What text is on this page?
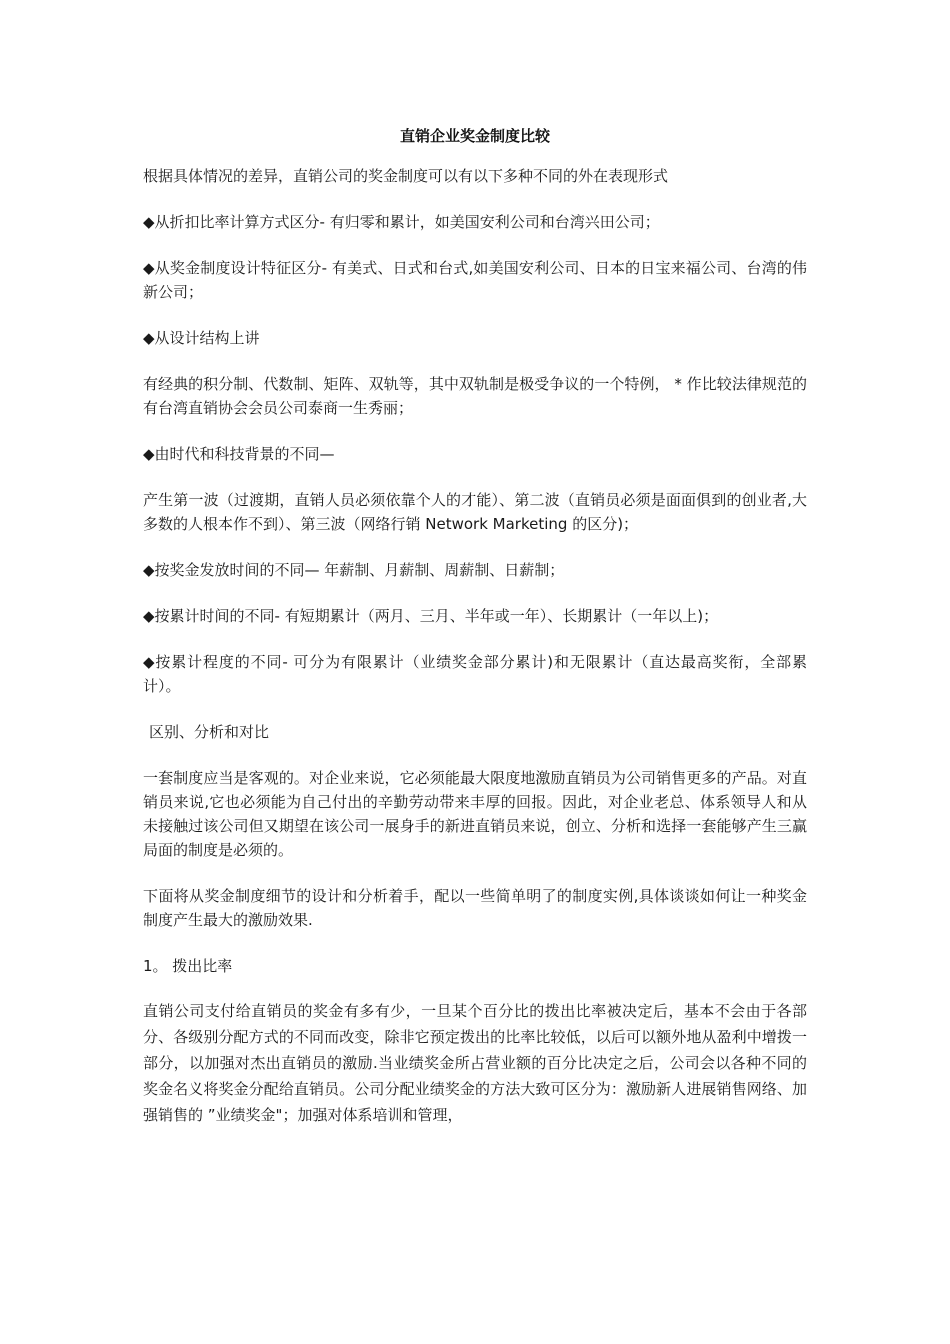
直销企业奖金制度比较

根据具体情况的差异，直销公司的奖金制度可以有以下多种不同的外在表现形式

◆从折扣比率计算方式区分- 有归零和累计，如美国安利公司和台湾兴田公司；

◆从奖金制度设计特征区分- 有美式、日式和台式,如美国安利公司、日本的日宝来福公司、台湾的伟新公司；

◆从设计结构上讲

有经典的积分制、代数制、矩阵、双轨等，其中双轨制是极受争议的一个特例， * 作比较法律规范的有台湾直销协会会员公司泰商一生秀丽；

◆由时代和科技背景的不同—

产生第一波（过渡期，直销人员必须依靠个人的才能）、第二波（直销员必须是面面俱到的创业者,大多数的人根本作不到）、第三波（网络行销 Network Marketing 的区分)；

◆按奖金发放时间的不同— 年薪制、月薪制、周薪制、日薪制；

◆按累计时间的不同- 有短期累计（两月、三月、半年或一年）、长期累计（一年以上)；

◆按累计程度的不同- 可分为有限累计（业绩奖金部分累计)和无限累计（直达最高奖衔，全部累计）。

区别、分析和对比

一套制度应当是客观的。对企业来说，它必须能最大限度地激励直销员为公司销售更多的产品。对直销员来说,它也必须能为自己付出的辛勤劳动带来丰厚的回报。因此，对企业老总、体系领导人和从未接触过该公司但又期望在该公司一展身手的新进直销员来说，创立、分析和选择一套能够产生三赢局面的制度是必须的。

下面将从奖金制度细节的设计和分析着手，配以一些简单明了的制度实例,具体谈谈如何让一种奖金制度产生最大的激励效果.

1。 拨出比率

直销公司支付给直销员的奖金有多有少，一旦某个百分比的拨出比率被决定后，基本不会由于各部分、各级别分配方式的不同而改变，除非它预定拨出的比率比较低，以后可以额外地从盈利中增拨一部分，以加强对杰出直销员的激励.当业绩奖金所占营业额的百分比决定之后，公司会以各种不同的奖金名义将奖金分配给直销员。公司分配业绩奖金的方法大致可区分为：激励新人进展销售网络、加强销售的 ”业绩奖金"；加强对体系培训和管理，
